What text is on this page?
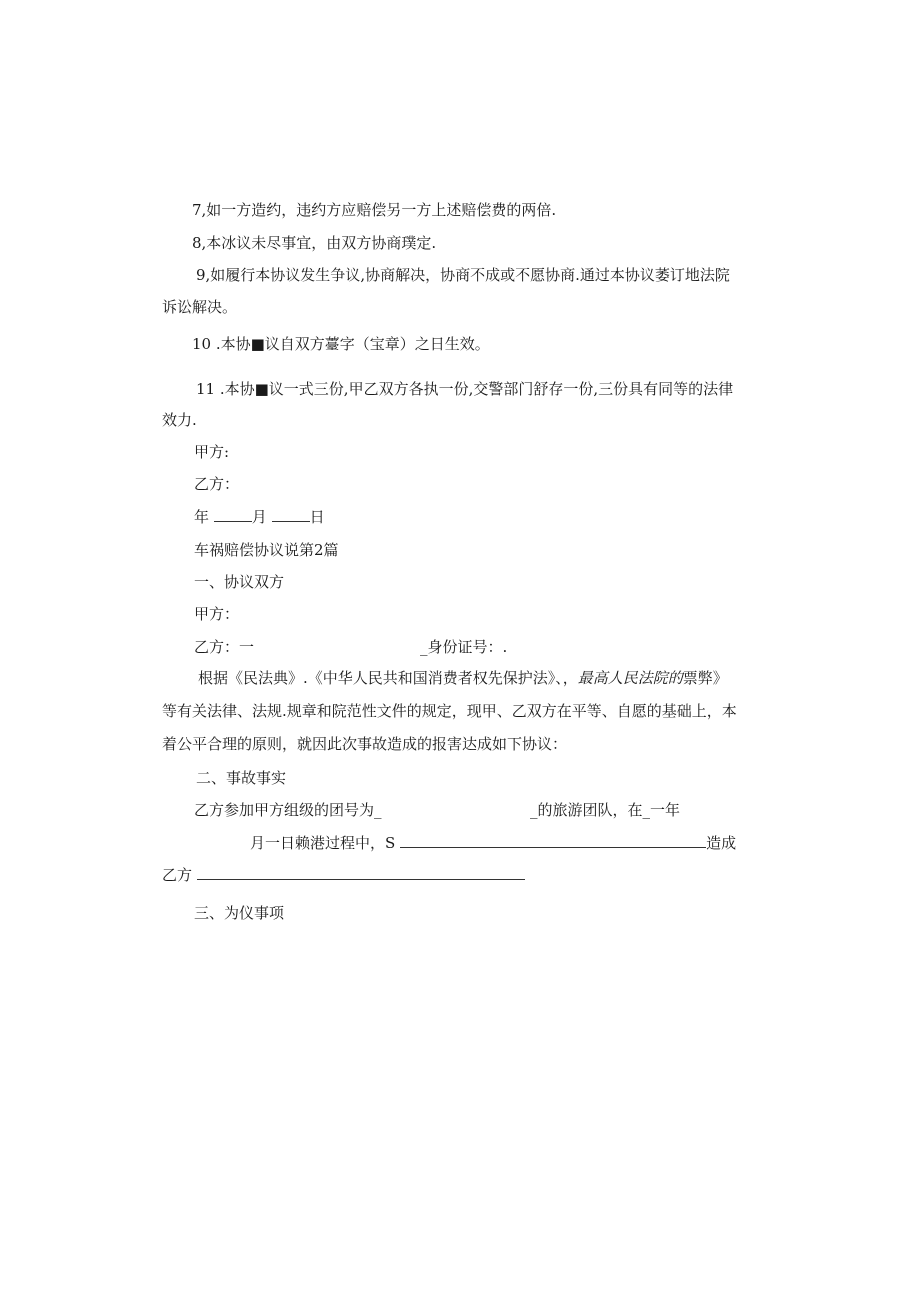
7,如一方造约，违约方应赔偿另一方上述赔偿费的两倍.
8,本冰议未尽事宜，由双方协商璞定.
9,如履行本协议发生争议,协商解决，协商不成或不愿协商.通过本协议萎订地法院
诉讼解决。
10 .本协■议自双方薹字（宝章）之日生效。
11 .本协■议一式三份,甲乙双方各执一份,交警部门舒存一份,三份具有同等的法律
效力.
甲方:
乙方：
年	月	日
车祸赔偿协议说第2篇
一、协议双方
甲方：
乙方：一	_身份证号：.
根据《民法典》.《中华人民共和国消费者权先保护法》、，最高人民法院的票弊》
等有关法律、法规.规章和院范性文件的规定，现甲、乙双方在平等、自愿的基础上，本
着公平合理的原则，就因此次事故造成的报害达成如下协议：
二、事故事实
乙方参加甲方组级的团号为_	_的旅游团队，在_一年
月一日赖港过程中，S	造成
乙方
三、为仪事项
